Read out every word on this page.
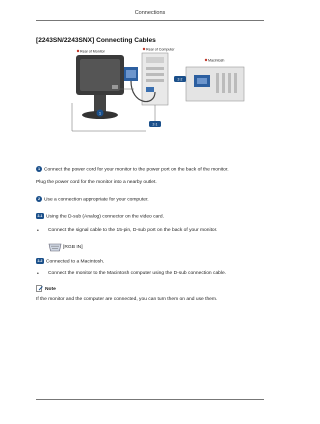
Connections
[2243SN/2243SNX] Connecting Cables
Rear of Monitor	Rear of Computer
Macintosh
1
2-1
2-2
1 Connect the power cord for your monitor to the power port on the back of the monitor.
Plug the power cord for the monitor into a nearby outlet.
2 Use a connection appropriate for your computer.
2-1 Using the D-sub (Analog) connector on the video card.
• Connect the signal cable to the 15-pin, D-sub port on the back of your monitor.
[RGB IN]
2-2 Connected to a Macintosh.
• Connect the monitor to the Macintosh computer using the D-sub connection cable.
Note
If the monitor and the computer are connected, you can turn them on and use them.
